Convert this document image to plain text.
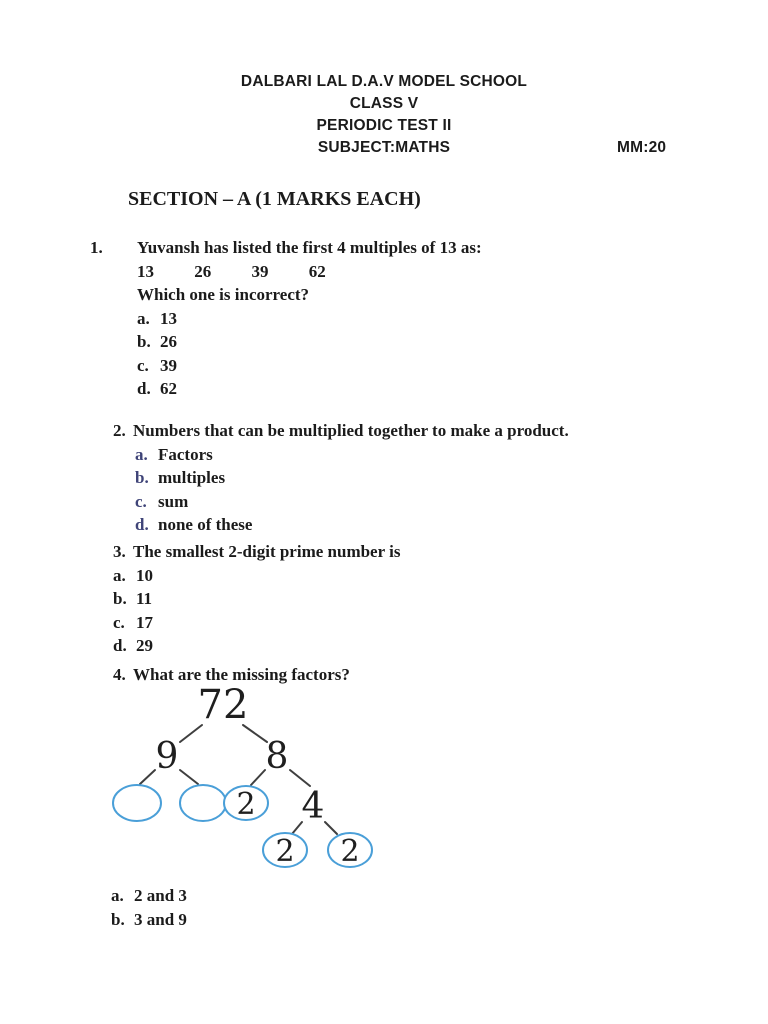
DALBARI LAL D.A.V MODEL SCHOOL
CLASS V
PERIODIC TEST II
SUBJECT:MATHS	MM:20
SECTION – A (1 MARKS EACH)
1.	Yuvansh has listed the first 4 multiples of 13 as:
13 26 39 62
Which one is incorrect?
a. 13
b. 26
c. 39
d. 62
2. Numbers that can be multiplied together to make a product.
a. Factors
b. multiples
c. sum
d. none of these
3. The smallest 2-digit prime number is
a. 10
b. 11
c. 17
d. 29
4. What are the missing factors?
72
9 8
2 4
2 2
a. 2 and 3
b. 3 and 9
